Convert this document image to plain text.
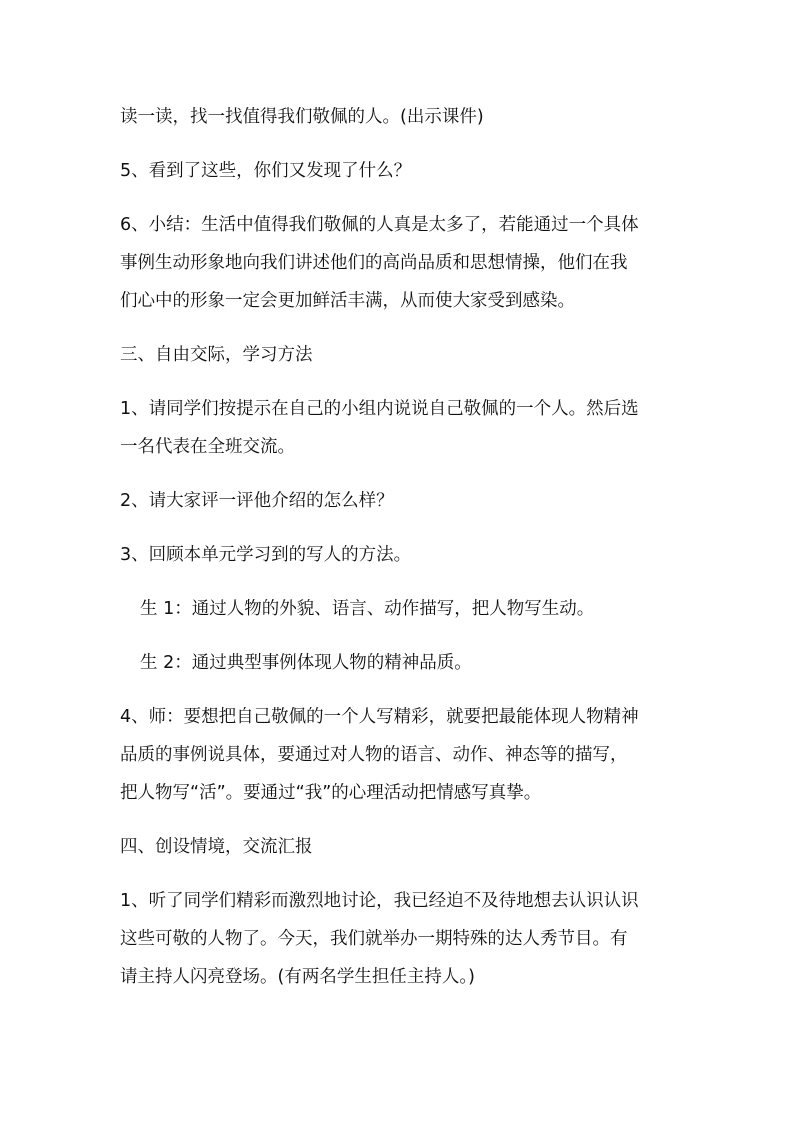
读一读，找一找值得我们敬佩的人。(出示课件)
5、看到了这些，你们又发现了什么？
6、小结：生活中值得我们敬佩的人真是太多了，若能通过一个具体
事例生动形象地向我们讲述他们的高尚品质和思想情操，他们在我
们心中的形象一定会更加鲜活丰满，从而使大家受到感染。
三、自由交际，学习方法
1、请同学们按提示在自己的小组内说说自己敬佩的一个人。然后选
一名代表在全班交流。
2、请大家评一评他介绍的怎么样？
3、回顾本单元学习到的写人的方法。
生 1：通过人物的外貌、语言、动作描写，把人物写生动。
生 2：通过典型事例体现人物的精神品质。
4、师：要想把自己敬佩的一个人写精彩，就要把最能体现人物精神
品质的事例说具体，要通过对人物的语言、动作、神态等的描写，
把人物写“活”。要通过“我”的心理活动把情感写真挚。
四、创设情境，交流汇报
1、听了同学们精彩而激烈地讨论，我已经迫不及待地想去认识认识
这些可敬的人物了。今天，我们就举办一期特殊的达人秀节目。有
请主持人闪亮登场。(有两名学生担任主持人。)
